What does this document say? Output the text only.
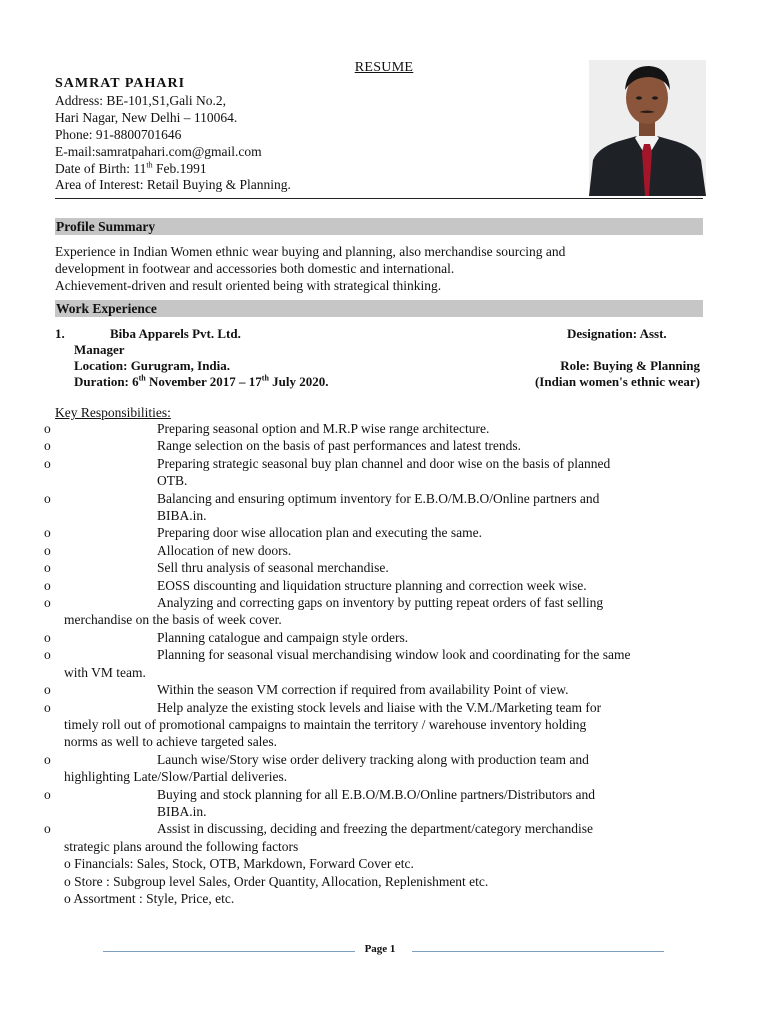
RESUME
SAMRAT PAHARI
Address: BE-101,S1,Gali No.2,
Hari Nagar, New Delhi – 110064.
Phone: 91-8800701646
E-mail:samratpahari.com@gmail.com
Date of Birth: 11th Feb.1991
Area of Interest: Retail Buying & Planning.
Profile Summary
Experience in Indian Women ethnic wear buying and planning, also merchandise sourcing and
development in footwear and accessories both domestic and international.
Achievement-driven and result oriented being with strategical thinking.
Work Experience
1.	Biba Apparels Pvt. Ltd.	Designation: Asst.
Manager
Location: Gurugram, India.	Role: Buying & Planning
Duration: 6th November 2017 – 17th July 2020.	(Indian women's ethnic wear)
Key Responsibilities:
o	Preparing seasonal option and M.R.P wise range architecture.
o	Range selection on the basis of past performances and latest trends.
o	Preparing strategic seasonal buy plan channel and door wise on the basis of planned
OTB.
o	Balancing and ensuring optimum inventory for E.B.O/M.B.O/Online partners and
BIBA.in.
o	Preparing door wise allocation plan and executing the same.
o	Allocation of new doors.
o	Sell thru analysis of seasonal merchandise.
o	EOSS discounting and liquidation structure planning and correction week wise.
o	Analyzing and correcting gaps on inventory by putting repeat orders of fast selling
merchandise on the basis of week cover.
o	Planning catalogue and campaign style orders.
o	Planning for seasonal visual merchandising window look and coordinating for the same
with VM team.
o	Within the season VM correction if required from availability Point of view.
o	Help analyze the existing stock levels and liaise with the V.M./Marketing team for
timely roll out of promotional campaigns to maintain the territory / warehouse inventory holding
norms as well to achieve targeted sales.
o	Launch wise/Story wise order delivery tracking along with production team and
highlighting Late/Slow/Partial deliveries.
o	Buying and stock planning for all E.B.O/M.B.O/Online partners/Distributors and
BIBA.in.
o	Assist in discussing, deciding and freezing the department/category merchandise
strategic plans around the following factors
o Financials: Sales, Stock, OTB, Markdown, Forward Cover etc.
o Store : Subgroup level Sales, Order Quantity, Allocation, Replenishment etc.
o Assortment : Style, Price, etc.
Page 1
